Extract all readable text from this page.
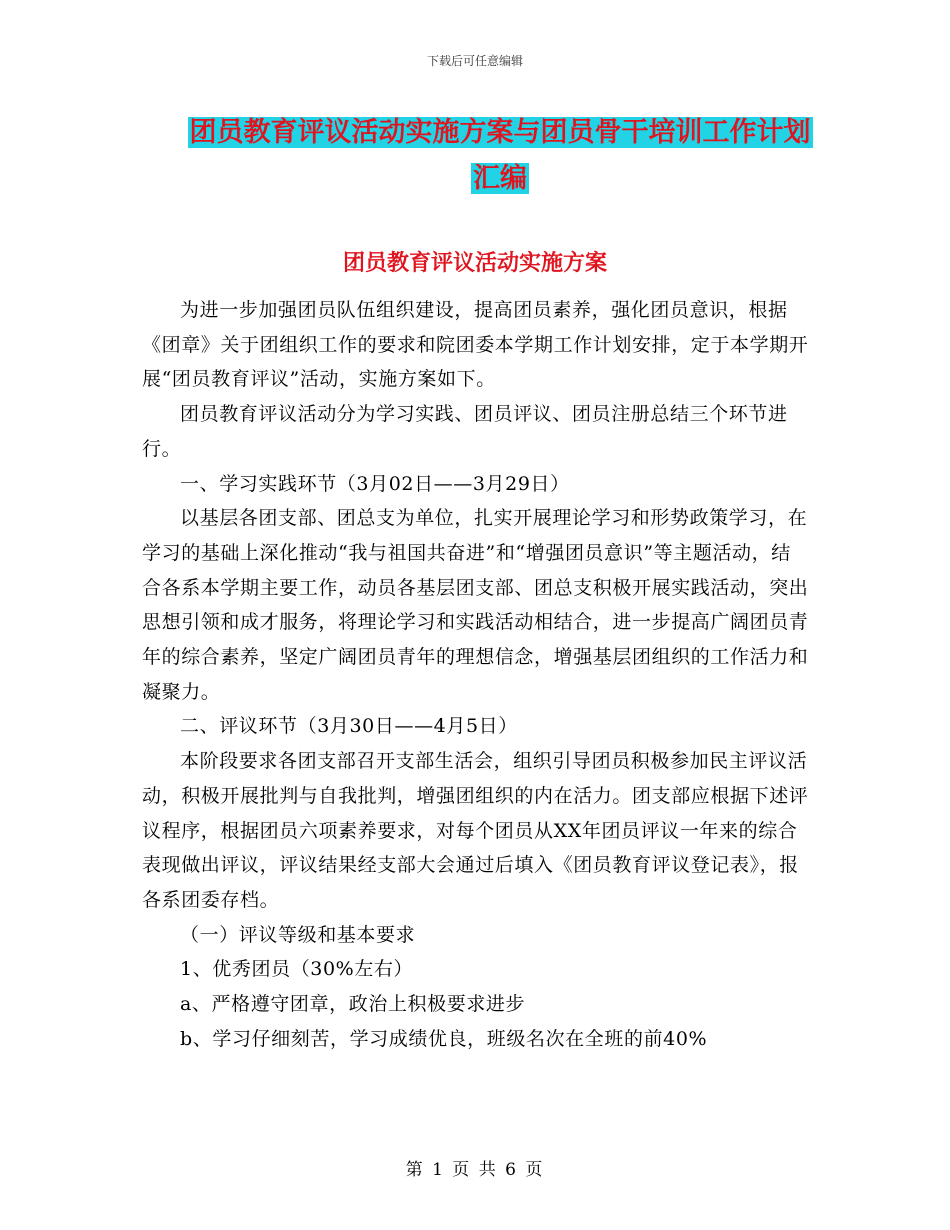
下载后可任意编辑
团员教育评议活动实施方案与团员骨干培训工作计划
汇编
团员教育评议活动实施方案

为进一步加强团员队伍组织建设，提高团员素养，强化团员意识，根据《团章》关于团组织工作的要求和院团委本学期工作计划安排，定于本学期开展“团员教育评议”活动，实施方案如下。

团员教育评议活动分为学习实践、团员评议、团员注册总结三个环节进行。

一、学习实践环节（3月02日——3月29日）

以基层各团支部、团总支为单位，扎实开展理论学习和形势政策学习，在学习的基础上深化推动“我与祖国共奋进”和“增强团员意识”等主题活动，结合各系本学期主要工作，动员各基层团支部、团总支积极开展实践活动，突出思想引领和成才服务，将理论学习和实践活动相结合，进一步提高广阔团员青年的综合素养，坚定广阔团员青年的理想信念，增强基层团组织的工作活力和凝聚力。

二、评议环节（3月30日——4月5日）

本阶段要求各团支部召开支部生活会，组织引导团员积极参加民主评议活动，积极开展批判与自我批判，增强团组织的内在活力。团支部应根据下述评议程序，根据团员六项素养要求，对每个团员从XX年团员评议一年来的综合表现做出评议，评议结果经支部大会通过后填入《团员教育评议登记表》，报各系团委存档。

（一）评议等级和基本要求

1、优秀团员（30%左右）

a、严格遵守团章，政治上积极要求进步

b、学习仔细刻苦，学习成绩优良，班级名次在全班的前40%

第 1 页 共 6 页
